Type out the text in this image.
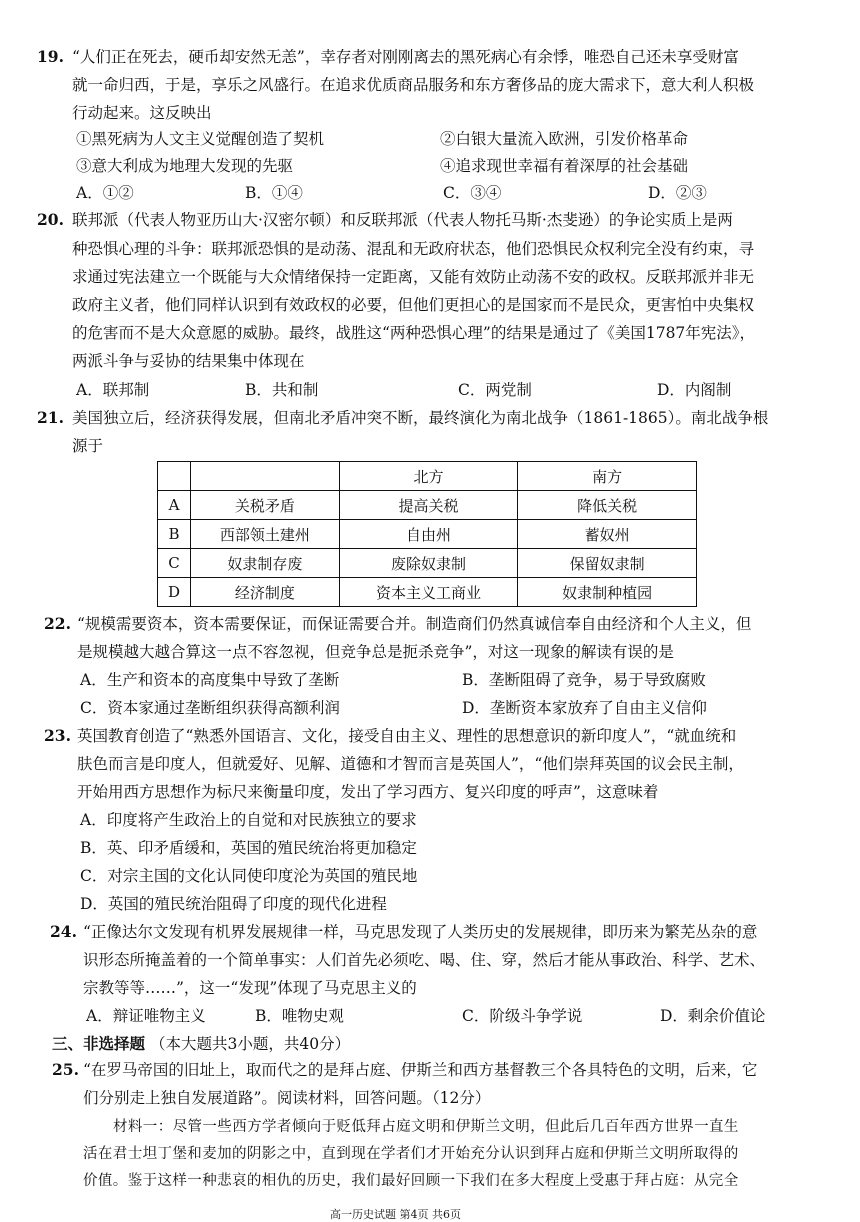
19. “人们正在死去，硬币却安然无恙”，幸存者对刚刚离去的黑死病心有余悸，唯恐自己还未享受财富
就一命归西，于是，享乐之风盛行。在追求优质商品服务和东方奢侈品的庞大需求下，意大利人积极
行动起来。这反映出
①黑死病为人文主义觉醒创造了契机	②白银大量流入欧洲，引发价格革命
③意大利成为地理大发现的先驱	④追求现世幸福有着深厚的社会基础
A．①②	B．①④	C．③④	D．②③
20. 联邦派（代表人物亚历山大·汉密尔顿）和反联邦派（代表人物托马斯·杰斐逊）的争论实质上是两
种恐惧心理的斗争：联邦派恐惧的是动荡、混乱和无政府状态，他们恐惧民众权利完全没有约束，寻
求通过宪法建立一个既能与大众情绪保持一定距离，又能有效防止动荡不安的政权。反联邦派并非无
政府主义者，他们同样认识到有效政权的必要，但他们更担心的是国家而不是民众，更害怕中央集权
的危害而不是大众意愿的威胁。最终，战胜这“两种恐惧心理”的结果是通过了《美国1787年宪法》，
两派斗争与妥协的结果集中体现在
A．联邦制	B．共和制	C．两党制	D．内阁制
21. 美国独立后，经济获得发展，但南北矛盾冲突不断，最终演化为南北战争（1861-1865）。南北战争根
源于
		北方	南方
A	关税矛盾	提高关税	降低关税
B	西部领土建州	自由州	蓄奴州
C	奴隶制存废	废除奴隶制	保留奴隶制
D	经济制度	资本主义工商业	奴隶制种植园
22. “规模需要资本，资本需要保证，而保证需要合并。制造商们仍然真诚信奉自由经济和个人主义，但
是规模越大越合算这一点不容忽视，但竞争总是扼杀竞争”，对这一现象的解读有误的是
A．生产和资本的高度集中导致了垄断	B．垄断阻碍了竞争，易于导致腐败
C．资本家通过垄断组织获得高额利润	D．垄断资本家放弃了自由主义信仰
23. 英国教育创造了“熟悉外国语言、文化，接受自由主义、理性的思想意识的新印度人”，“就血统和
肤色而言是印度人，但就爱好、见解、道德和才智而言是英国人”，“他们崇拜英国的议会民主制，
开始用西方思想作为标尺来衡量印度，发出了学习西方、复兴印度的呼声”，这意味着
A．印度将产生政治上的自觉和对民族独立的要求
B．英、印矛盾缓和，英国的殖民统治将更加稳定
C．对宗主国的文化认同使印度沦为英国的殖民地
D．英国的殖民统治阻碍了印度的现代化进程
24. “正像达尔文发现有机界发展规律一样，马克思发现了人类历史的发展规律，即历来为繁芜丛杂的意
识形态所掩盖着的一个简单事实：人们首先必须吃、喝、住、穿，然后才能从事政治、科学、艺术、
宗教等等……”，这一“发现”体现了马克思主义的
A．辩证唯物主义	B．唯物史观	C．阶级斗争学说	D．剩余价值论
三、非选择题 （本大题共3小题，共40分）
25. “在罗马帝国的旧址上，取而代之的是拜占庭、伊斯兰和西方基督教三个各具特色的文明，后来，它
们分别走上独自发展道路”。阅读材料，回答问题。（12分）
材料一：尽管一些西方学者倾向于贬低拜占庭文明和伊斯兰文明，但此后几百年西方世界一直生
活在君士坦丁堡和麦加的阴影之中，直到现在学者们才开始充分认识到拜占庭和伊斯兰文明所取得的
价值。鉴于这样一种悲哀的相仇的历史，我们最好回顾一下我们在多大程度上受惠于拜占庭：从完全
高一历史试题 第4页 共6页
